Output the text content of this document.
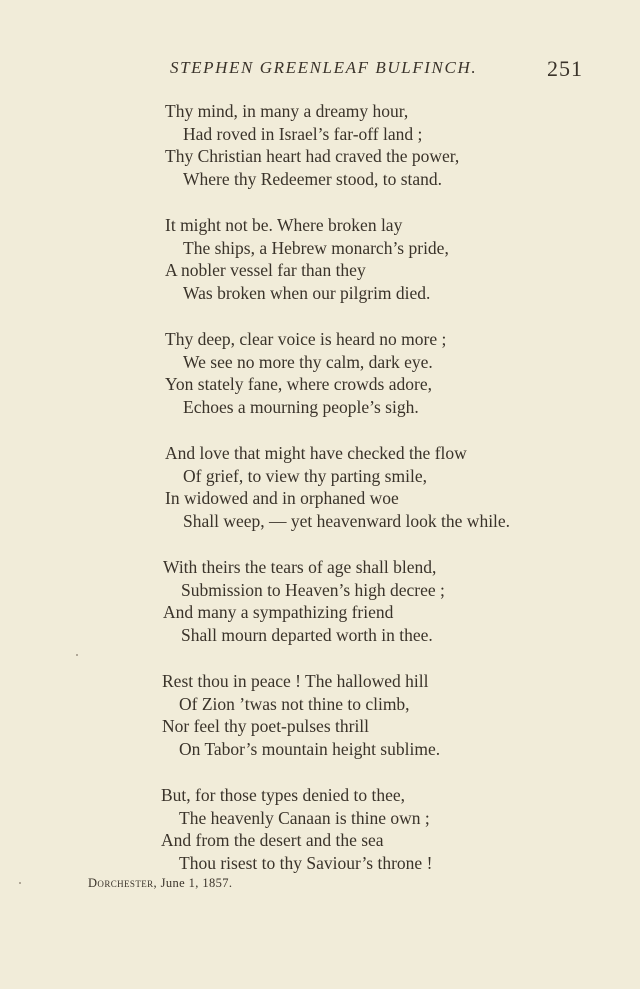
STEPHEN GREENLEAF BULFINCH.	251
Thy mind, in many a dreamy hour,
Had roved in Israel’s far-off land ;
Thy Christian heart had craved the power,
Where thy Redeemer stood, to stand.
It might not be. Where broken lay
The ships, a Hebrew monarch’s pride,
A nobler vessel far than they
Was broken when our pilgrim died.
Thy deep, clear voice is heard no more ;
We see no more thy calm, dark eye.
Yon stately fane, where crowds adore,
Echoes a mourning people’s sigh.
And love that might have checked the flow
Of grief, to view thy parting smile,
In widowed and in orphaned woe
Shall weep, — yet heavenward look the while.
With theirs the tears of age shall blend,
Submission to Heaven’s high decree ;
And many a sympathizing friend
Shall mourn departed worth in thee.
Rest thou in peace ! The hallowed hill
Of Zion ’twas not thine to climb,
Nor feel thy poet-pulses thrill
On Tabor’s mountain height sublime.
But, for those types denied to thee,
The heavenly Canaan is thine own ;
And from the desert and the sea
Thou risest to thy Saviour’s throne !
Dorchester, June 1, 1857.
